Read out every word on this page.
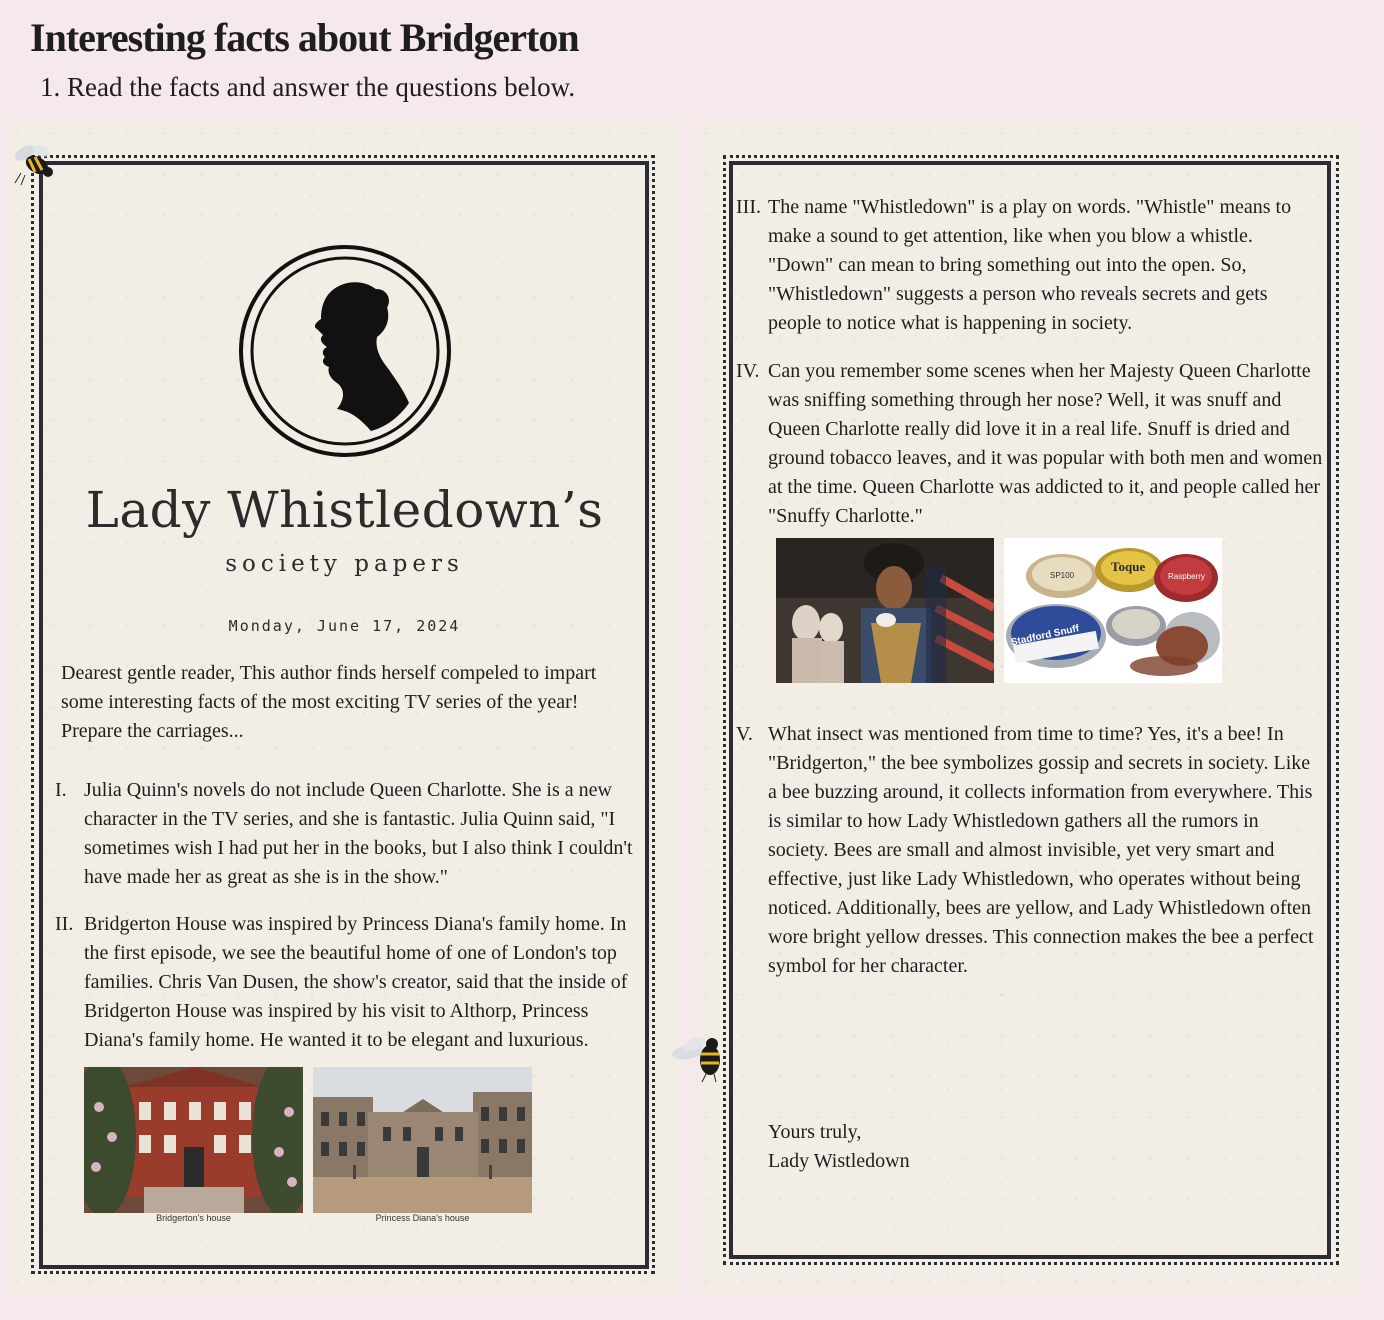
Interesting facts about Bridgerton

1. Read the facts and answer the questions below.

Lady Whistledown’s
society papers
Monday, June 17, 2024

Dearest gentle reader, This author finds herself compeled to impart some interesting facts of the most exciting TV series of the year! Prepare the carriages...

I. Julia Quinn's novels do not include Queen Charlotte. She is a new character in the TV series, and she is fantastic. Julia Quinn said, "I sometimes wish I had put her in the books, but I also think I couldn't have made her as great as she is in the show."
II. Bridgerton House was inspired by Princess Diana's family home. In the first episode, we see the beautiful home of one of London's top families. Chris Van Dusen, the show's creator, said that the inside of Bridgerton House was inspired by his visit to Althorp, Princess Diana's family home. He wanted it to be elegant and luxurious.
Bridgerton's house	Princess Diana's house
III. The name "Whistledown" is a play on words. "Whistle" means to make a sound to get attention, like when you blow a whistle. "Down" can mean to bring something out into the open. So, "Whistledown" suggests a person who reveals secrets and gets people to notice what is happening in society.
IV. Can you remember some scenes when her Majesty Queen Charlotte was sniffing something through her nose? Well, it was snuff and Queen Charlotte really did love it in a real life. Snuff is dried and ground tobacco leaves, and it was popular with both men and women at the time. Queen Charlotte was addicted to it, and people called her "Snuffy Charlotte."
SP100
Toque
Raspberry
Stadford Snuff
V. What insect was mentioned from time to time? Yes, it's a bee! In "Bridgerton," the bee symbolizes gossip and secrets in society. Like a bee buzzing around, it collects information from everywhere. This is similar to how Lady Whistledown gathers all the rumors in society. Bees are small and almost invisible, yet very smart and effective, just like Lady Whistledown, who operates without being noticed. Additionally, bees are yellow, and Lady Whistledown often wore bright yellow dresses. This connection makes the bee a perfect symbol for her character.
Yours truly,
Lady Wistledown
